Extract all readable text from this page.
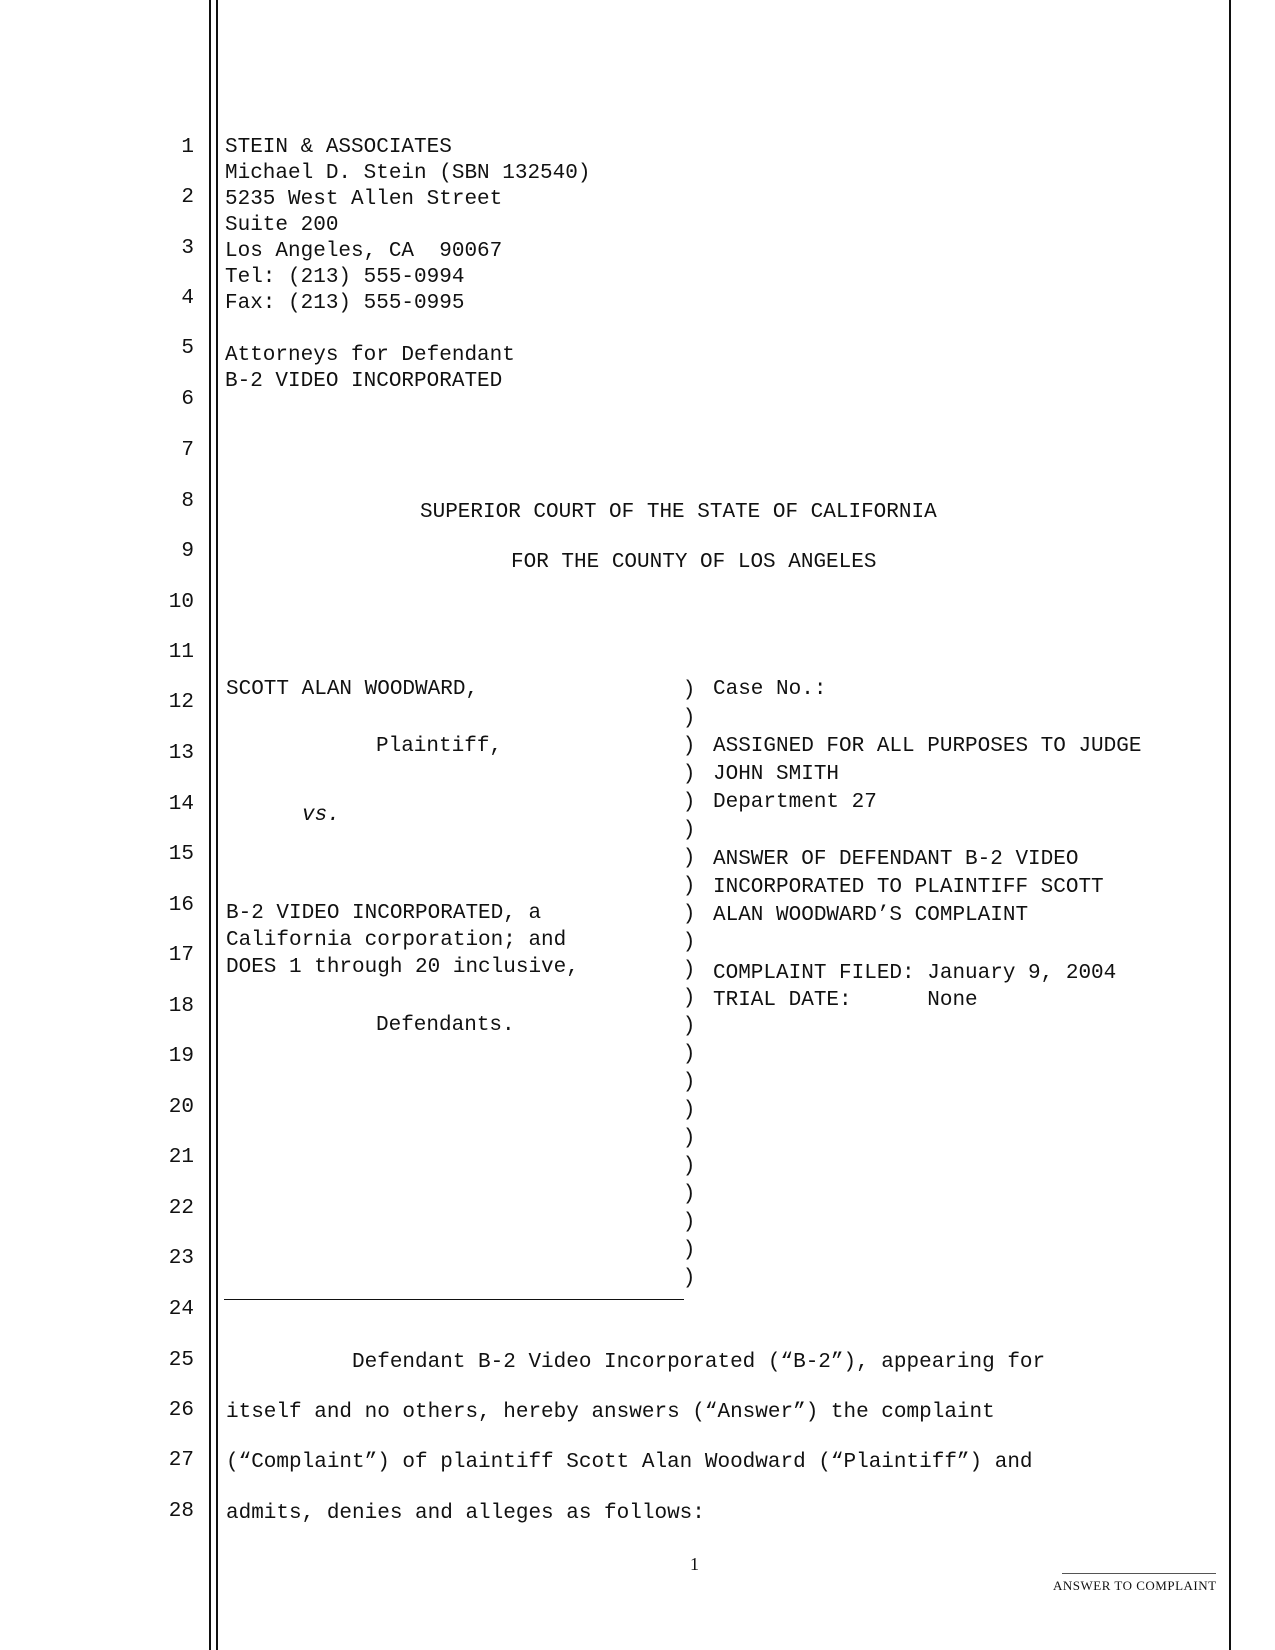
1
2
3
4
5
6
7
8
9
10
11
12
13
14
15
16
17
18
19
20
21
22
23
24
25
26
27
28
STEIN & ASSOCIATES
Michael D. Stein (SBN 132540)
5235 West Allen Street
Suite 200
Los Angeles, CA  90067
Tel: (213) 555-0994
Fax: (213) 555-0995
Attorneys for Defendant
B-2 VIDEO INCORPORATED
SUPERIOR COURT OF THE STATE OF CALIFORNIA
FOR THE COUNTY OF LOS ANGELES
SCOTT ALAN WOODWARD,
Plaintiff,
vs.
B-2 VIDEO INCORPORATED, a
California corporation; and
DOES 1 through 20 inclusive,
Defendants.
)
)
)
)
)
)
)
)
)
)
)
)
)
)
)
)
)
)
)
)
)
)
Case No.:
ASSIGNED FOR ALL PURPOSES TO JUDGE
JOHN SMITH
Department 27
ANSWER OF DEFENDANT B-2 VIDEO
INCORPORATED TO PLAINTIFF SCOTT
ALAN WOODWARD’S COMPLAINT
COMPLAINT FILED: January 9, 2004
TRIAL DATE:      None
Defendant B-2 Video Incorporated (“B-2”), appearing for
itself and no others, hereby answers (“Answer”) the complaint
(“Complaint”) of plaintiff Scott Alan Woodward (“Plaintiff”) and
admits, denies and alleges as follows:
1
ANSWER TO COMPLAINT
